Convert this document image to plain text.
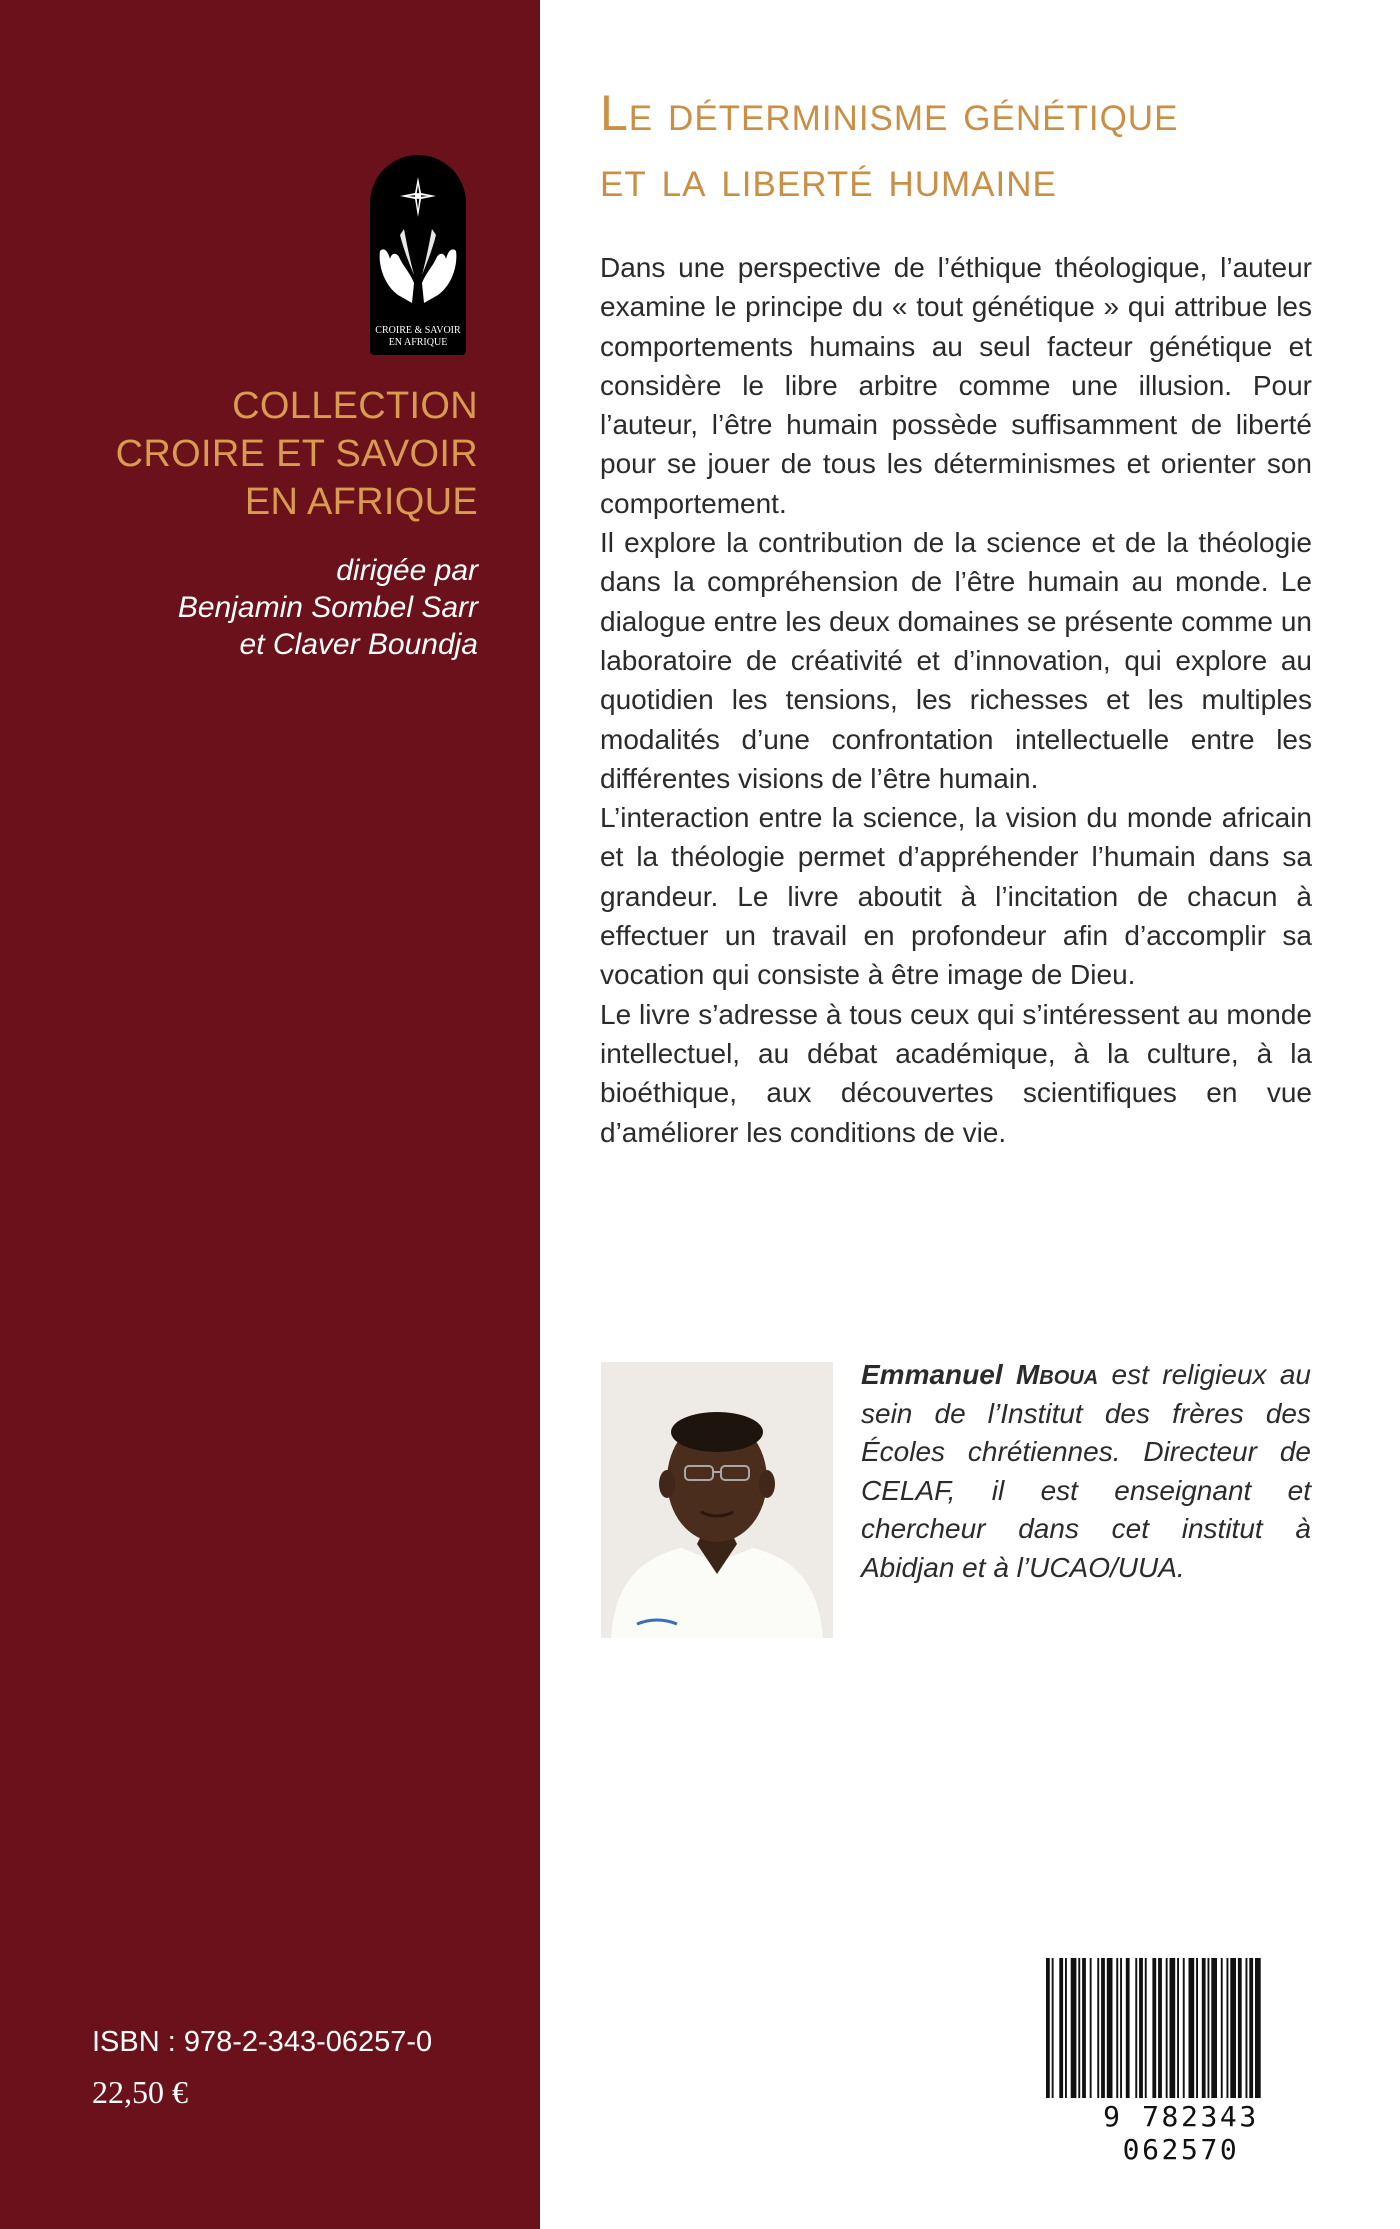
CROIRE & SAVOIR
EN AFRIQUE
COLLECTION
CROIRE ET SAVOIR
EN AFRIQUE
dirigée par
Benjamin Sombel Sarr
et Claver Boundja
ISBN : 978-2-343-06257-0
22,50 €
Le déterminisme génétique
et la liberté humaine

Dans une perspective de l’éthique théologique, l’auteur examine le principe du « tout génétique » qui attribue les comportements humains au seul facteur génétique et considère le libre arbitre comme une illusion. Pour l’auteur, l’être humain possède suffisamment de liberté pour se jouer de tous les déterminismes et orienter son comportement.

Il explore la contribution de la science et de la théologie dans la compréhension de l’être humain au monde. Le dialogue entre les deux domaines se présente comme un laboratoire de créativité et d’innovation, qui explore au quotidien les tensions, les richesses et les multiples modalités d’une confrontation intellectuelle entre les différentes visions de l’être humain.

L’interaction entre la science, la vision du monde africain et la théologie permet d’appréhender l’humain dans sa grandeur. Le livre aboutit à l’incitation de chacun à effectuer un travail en profondeur afin d’accomplir sa vocation qui consiste à être image de Dieu.

Le livre s’adresse à tous ceux qui s’intéressent au monde intellectuel, au débat académique, à la culture, à la bioéthique, aux découvertes scientifiques en vue d’améliorer les conditions de vie.

Emmanuel Mboua est religieux au sein de l’Institut des frères des Écoles chrétiennes. Directeur de CELAF, il est enseignant et chercheur dans cet institut à Abidjan et à l’UCAO/UUA.
9 782343 062570
